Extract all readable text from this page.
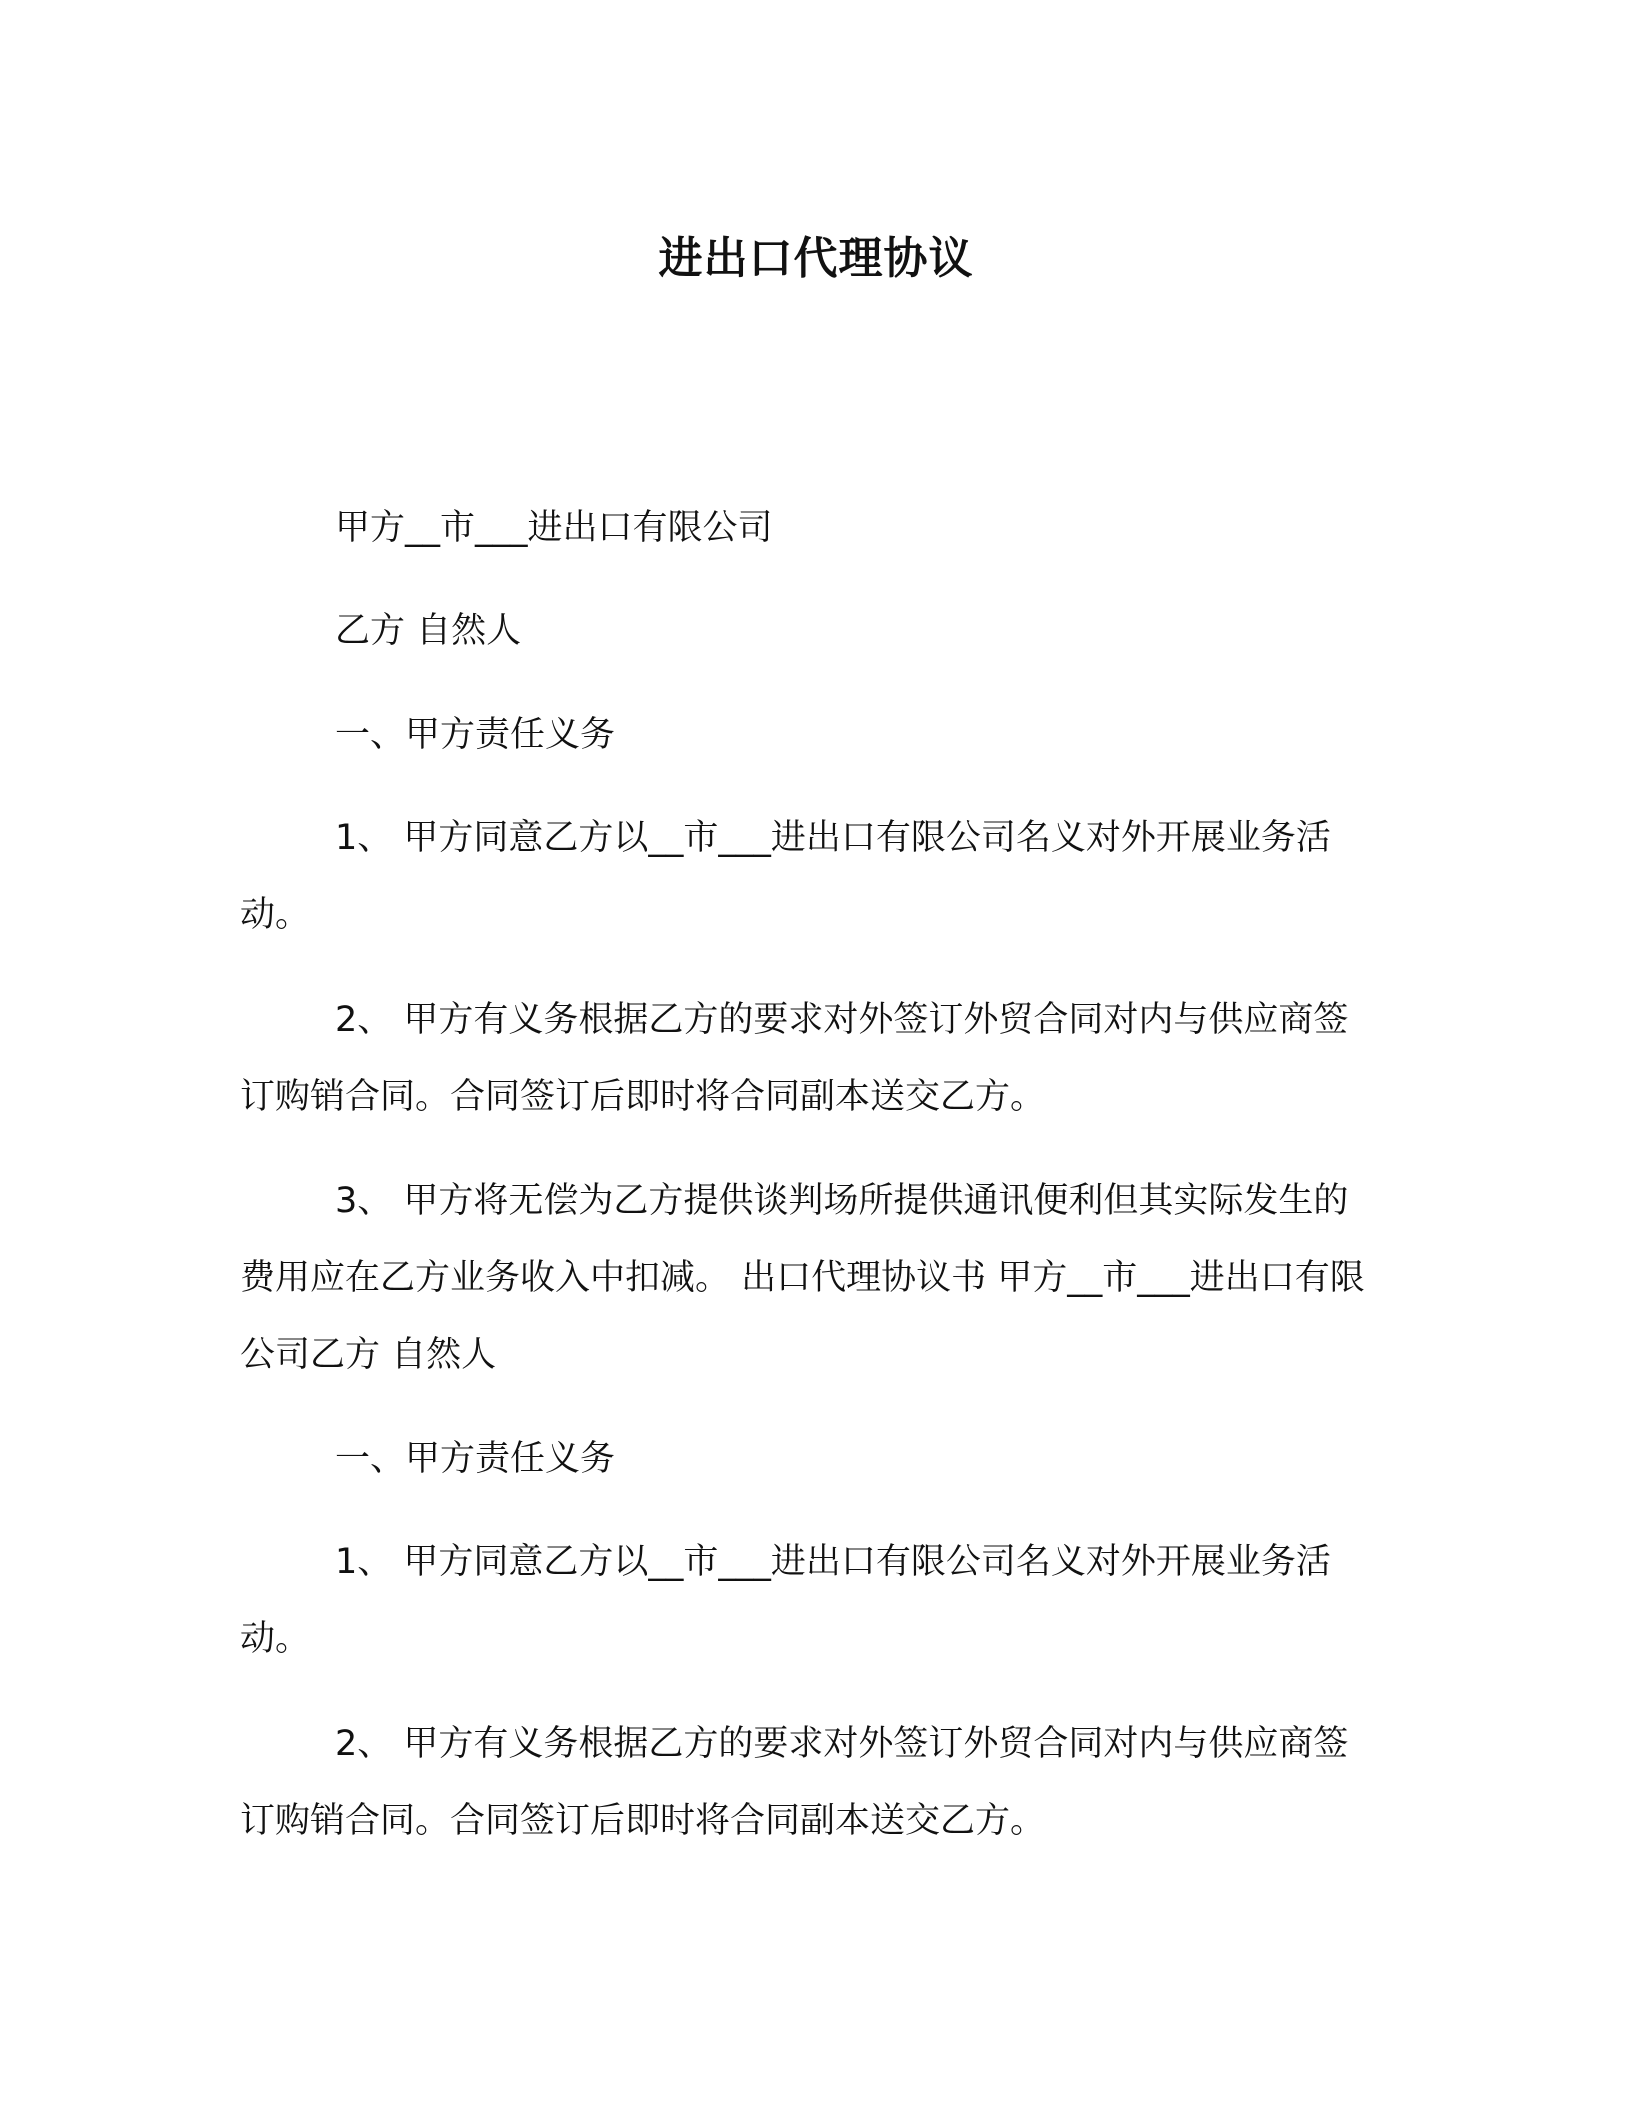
进出口代理协议

甲方__市___进出口有限公司

乙方 自然人

一、甲方责任义务

1、 甲方同意乙方以__市___进出口有限公司名义对外开展业务活动。

2、 甲方有义务根据乙方的要求对外签订外贸合同对内与供应商签订购销合同。合同签订后即时将合同副本送交乙方。

3、 甲方将无偿为乙方提供谈判场所提供通讯便利但其实际发生的费用应在乙方业务收入中扣减。 出口代理协议书 甲方__市___进出口有限公司乙方 自然人

一、甲方责任义务

1、 甲方同意乙方以__市___进出口有限公司名义对外开展业务活动。

2、 甲方有义务根据乙方的要求对外签订外贸合同对内与供应商签订购销合同。合同签订后即时将合同副本送交乙方。
